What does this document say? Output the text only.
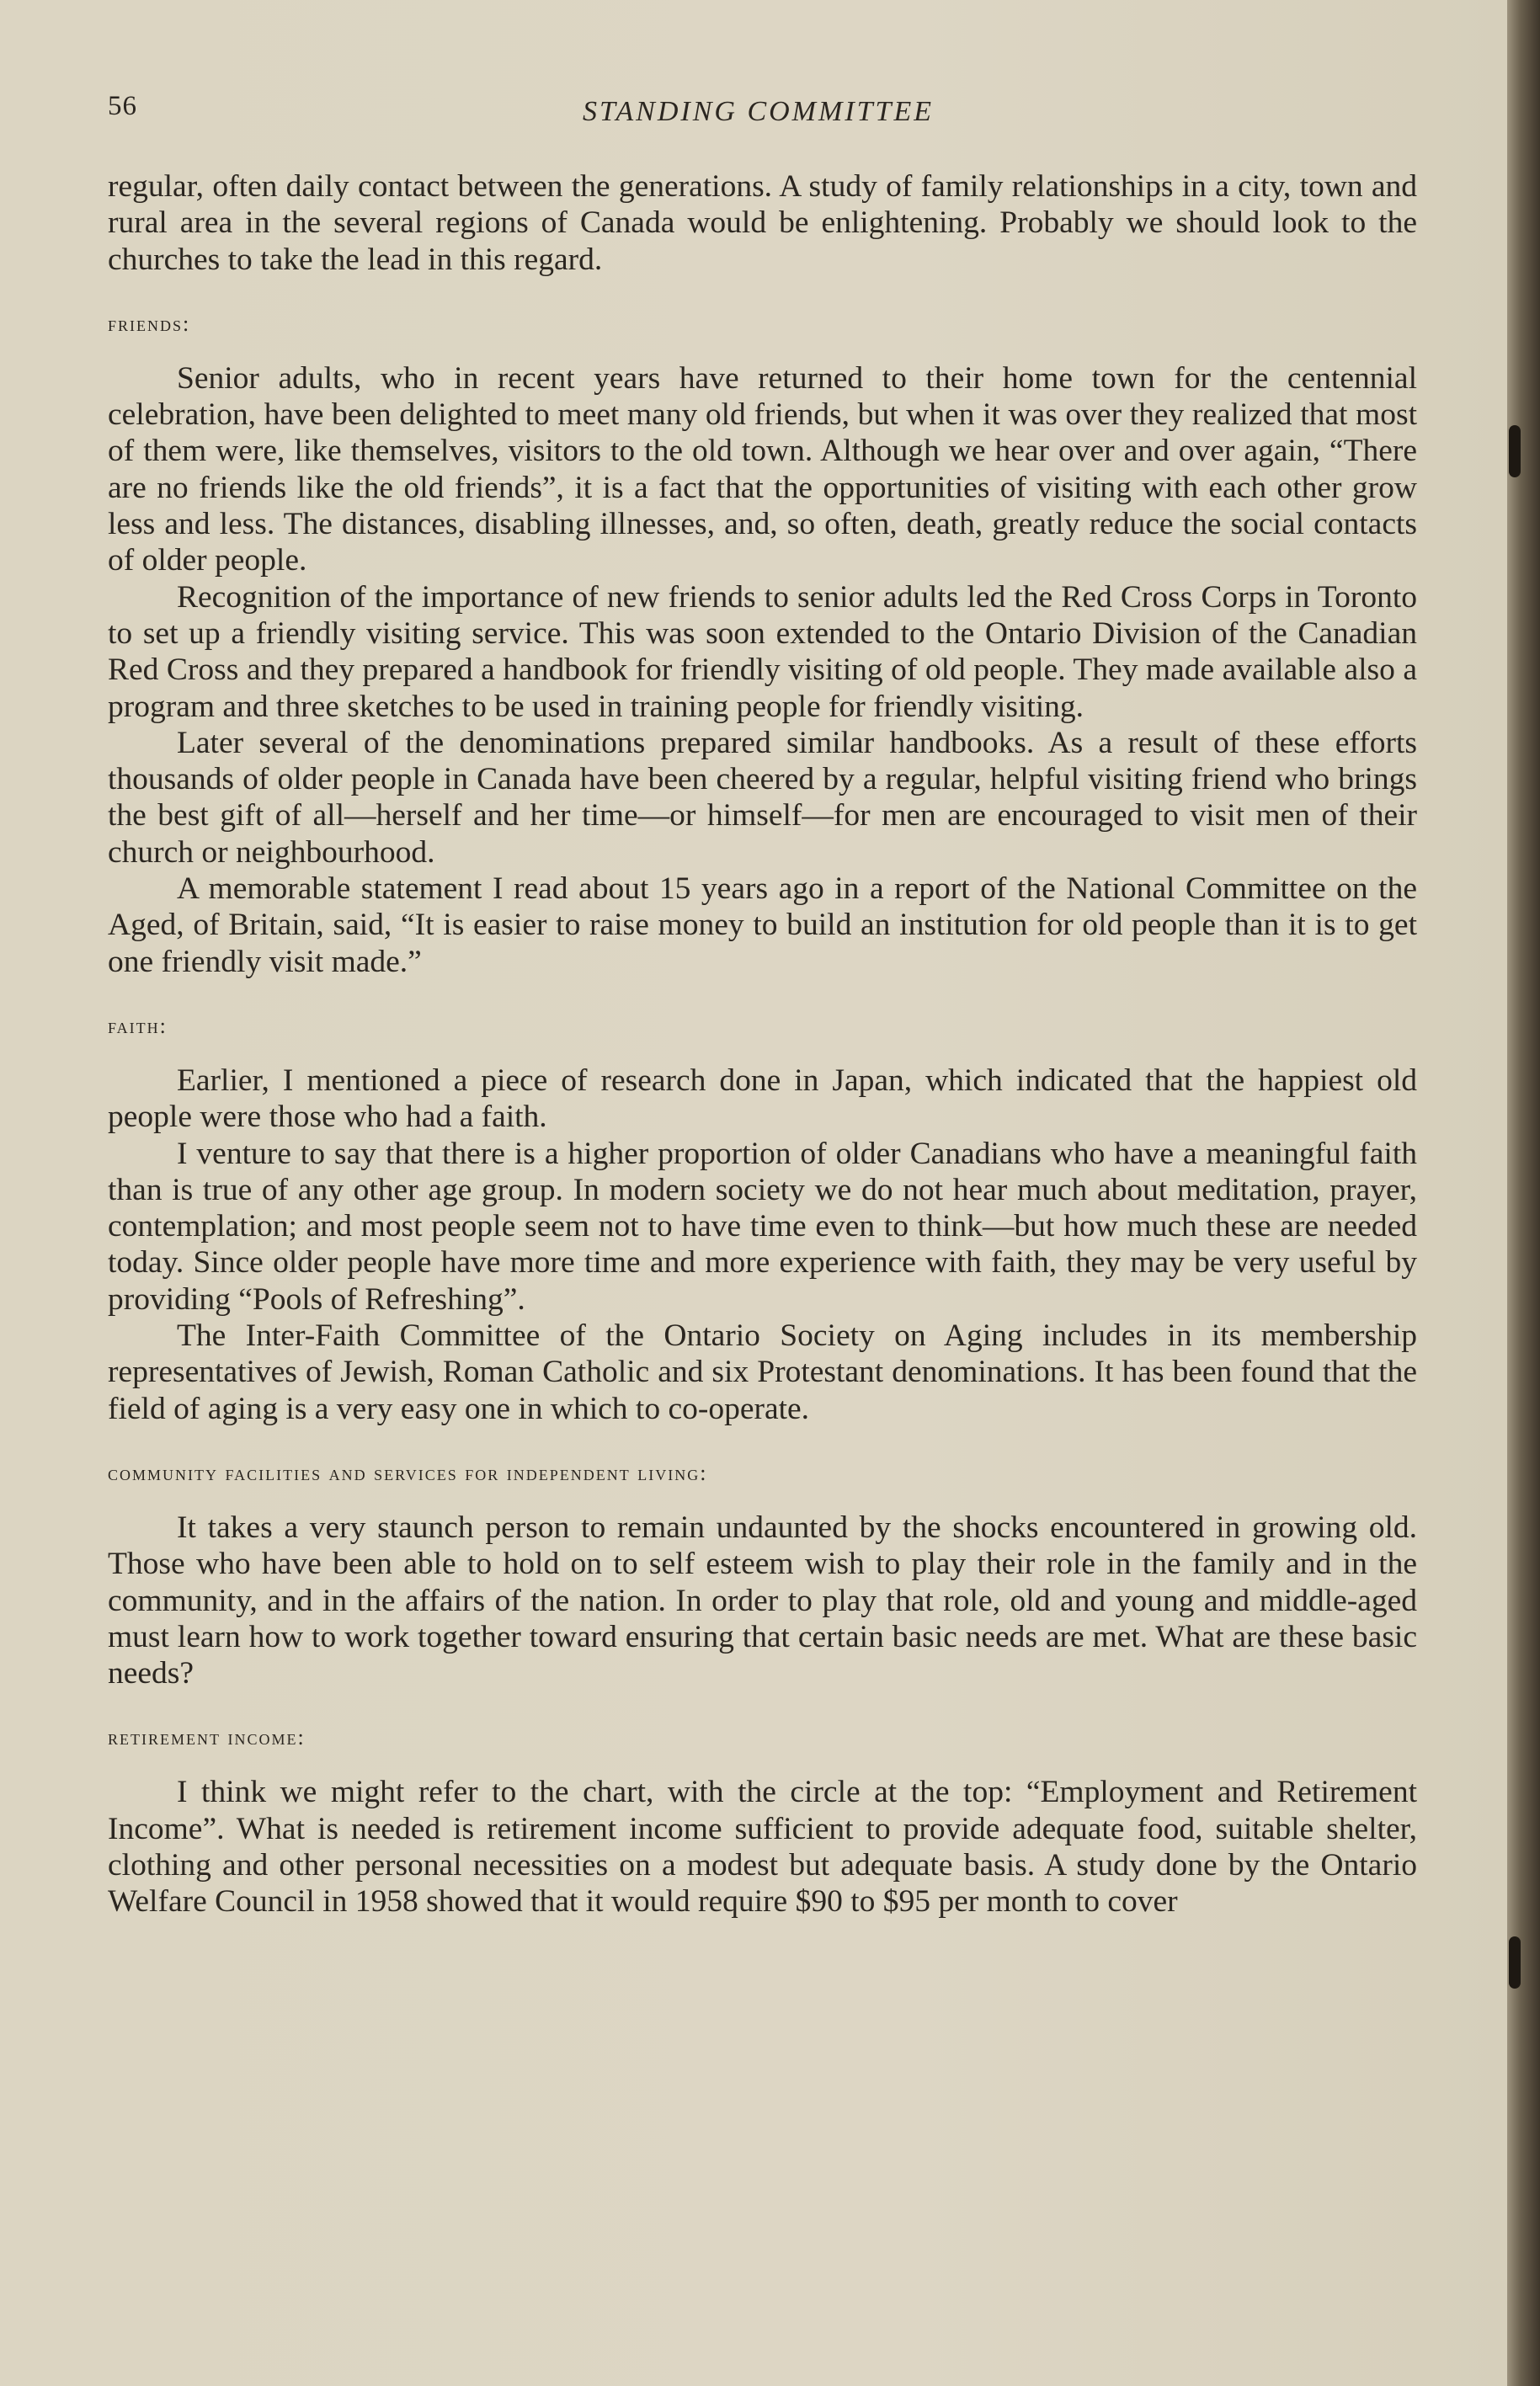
56	STANDING COMMITTEE

regular, often daily contact between the generations. A study of family relationships in a city, town and rural area in the several regions of Canada would be enlightening. Probably we should look to the churches to take the lead in this regard.

friends:

Senior adults, who in recent years have returned to their home town for the centennial celebration, have been delighted to meet many old friends, but when it was over they realized that most of them were, like themselves, visitors to the old town. Although we hear over and over again, “There are no friends like the old friends”, it is a fact that the opportunities of visiting with each other grow less and less. The distances, disabling illnesses, and, so often, death, greatly reduce the social contacts of older people.

Recognition of the importance of new friends to senior adults led the Red Cross Corps in Toronto to set up a friendly visiting service. This was soon extended to the Ontario Division of the Canadian Red Cross and they prepared a handbook for friendly visiting of old people. They made available also a program and three sketches to be used in training people for friendly visiting.

Later several of the denominations prepared similar handbooks. As a result of these efforts thousands of older people in Canada have been cheered by a regular, helpful visiting friend who brings the best gift of all—herself and her time—or himself—for men are encouraged to visit men of their church or neighbourhood.

A memorable statement I read about 15 years ago in a report of the National Committee on the Aged, of Britain, said, “It is easier to raise money to build an institution for old people than it is to get one friendly visit made.”

faith:

Earlier, I mentioned a piece of research done in Japan, which indicated that the happiest old people were those who had a faith.

I venture to say that there is a higher proportion of older Canadians who have a meaningful faith than is true of any other age group. In modern society we do not hear much about meditation, prayer, contemplation; and most people seem not to have time even to think—but how much these are needed today. Since older people have more time and more experience with faith, they may be very useful by providing “Pools of Refreshing”.

The Inter-Faith Committee of the Ontario Society on Aging includes in its membership representatives of Jewish, Roman Catholic and six Protestant denominations. It has been found that the field of aging is a very easy one in which to co-operate.

community facilities and services for independent living:

It takes a very staunch person to remain undaunted by the shocks encountered in growing old. Those who have been able to hold on to self esteem wish to play their role in the family and in the community, and in the affairs of the nation. In order to play that role, old and young and middle-aged must learn how to work together toward ensuring that certain basic needs are met. What are these basic needs?

retirement income:

I think we might refer to the chart, with the circle at the top: “Employment and Retirement Income”. What is needed is retirement income sufficient to provide adequate food, suitable shelter, clothing and other personal necessities on a modest but adequate basis. A study done by the Ontario Welfare Council in 1958 showed that it would require $90 to $95 per month to cover
